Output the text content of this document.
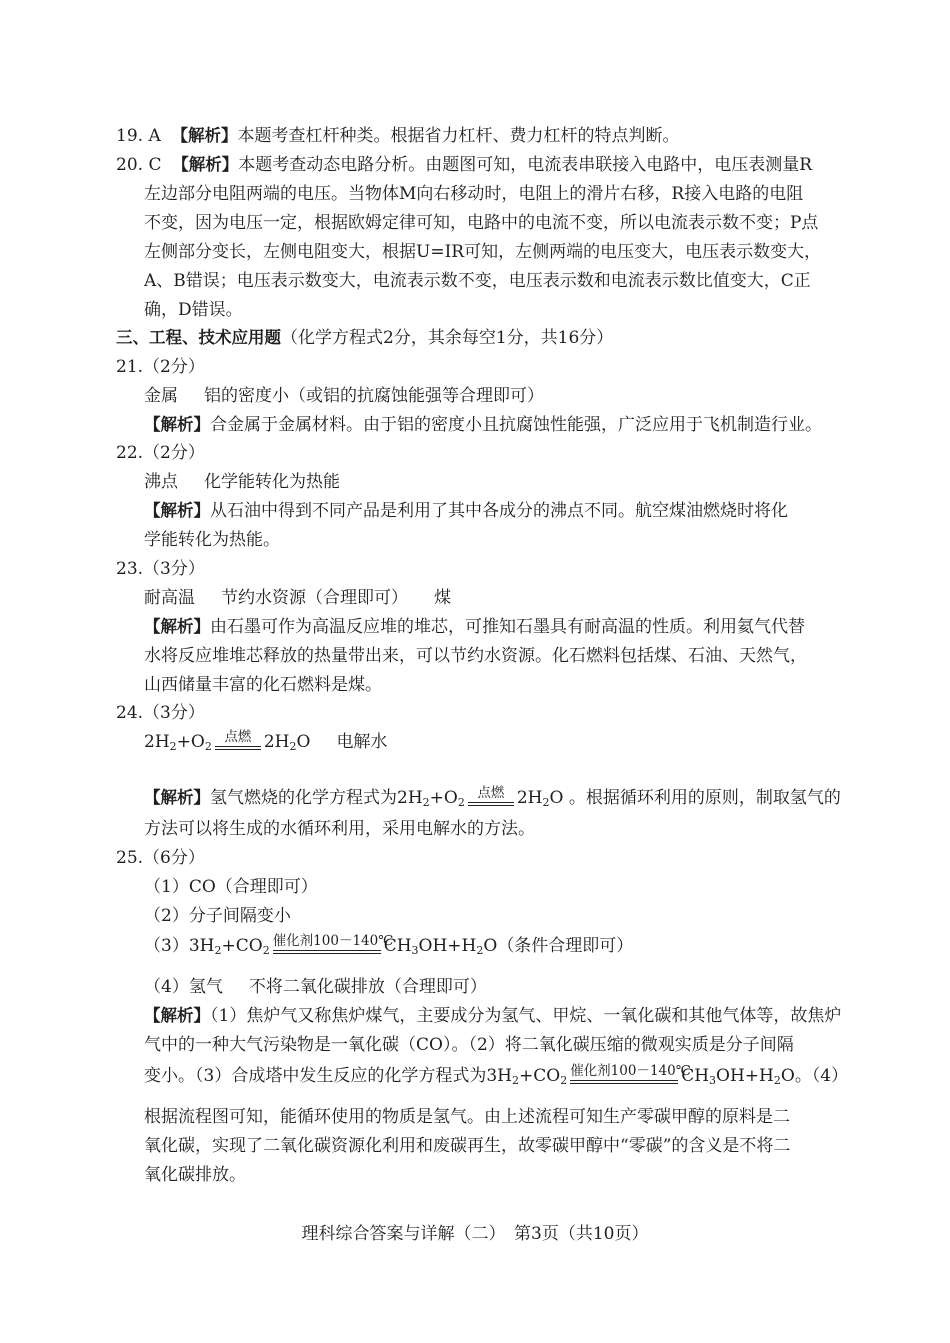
19. A 【解析】本题考查杠杆种类。根据省力杠杆、费力杠杆的特点判断。
20. C 【解析】本题考查动态电路分析。由题图可知，电流表串联接入电路中，电压表测量R
左边部分电阻两端的电压。当物体M向右移动时，电阻上的滑片右移，R接入电路的电阻
不变，因为电压一定，根据欧姆定律可知，电路中的电流不变，所以电流表示数不变；P点
左侧部分变长，左侧电阻变大，根据U=IR可知，左侧两端的电压变大，电压表示数变大，
A、B错误；电压表示数变大，电流表示数不变，电压表示数和电流表示数比值变大，C正
确，D错误。
三、工程、技术应用题（化学方程式2分，其余每空1分，共16分）
21.（2分）
金属 铝的密度小（或铝的抗腐蚀能强等合理即可）
【解析】合金属于金属材料。由于铝的密度小且抗腐蚀性能强，广泛应用于飞机制造行业。
22.（2分）
沸点 化学能转化为热能
【解析】从石油中得到不同产品是利用了其中各成分的沸点不同。航空煤油燃烧时将化
学能转化为热能。
23.（3分）
耐高温 节约水资源（合理即可） 煤
【解析】由石墨可作为高温反应堆的堆芯，可推知石墨具有耐高温的性质。利用氦气代替
水将反应堆堆芯释放的热量带出来，可以节约水资源。化石燃料包括煤、石油、天然气，
山西储量丰富的化石燃料是煤。
24.（3分）
$2H_2+O_2$
点燃 $2H_2O$ 电解水
【解析】氢气燃烧的化学方程式为$2H_2+O_2$
点燃 $2H_2O$ 。根据循环利用的原则，制取氢气的
方法可以将生成的水循环利用，采用电解水的方法。
25.（6分）
（1）CO（合理即可）
（2）分子间隔变小
$(3)3H_2+CO_2$
催化剂100－140℃
$CH_3OH+H_2O$（条件合理即可）
（4）氢气 不将二氧化碳排放（合理即可）
【解析】（1）焦炉气又称焦炉煤气，主要成分为氢气、甲烷、一氧化碳和其他气体等，故焦炉
气中的一种大气污染物是一氧化碳（CO）。（2）将二氧化碳压缩的微观实质是分子间隔
变小。（3）合成塔中发生反应的化学方程式为$3H_2+CO_2$
催化剂100－140℃
$CH_3OH+H_2O$。（4）
根据流程图可知，能循环使用的物质是氢气。由上述流程可知生产零碳甲醇的原料是二
氧化碳，实现了二氧化碳资源化利用和废碳再生，故零碳甲醇中“零碳”的含义是不将二
氧化碳排放。
理科综合答案与详解（二）　第3页（共10页）
